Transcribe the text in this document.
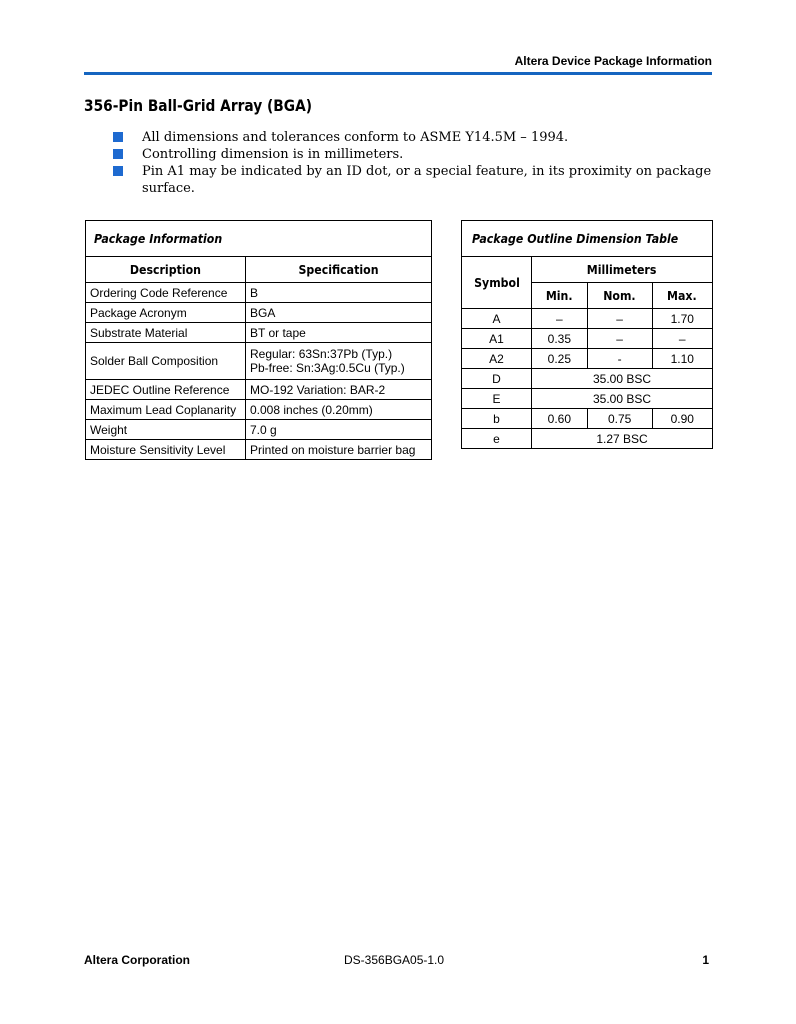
Altera Device Package Information
356-Pin Ball-Grid Array (BGA)
All dimensions and tolerances conform to ASME Y14.5M – 1994.
Controlling dimension is in millimeters.
Pin A1 may be indicated by an ID dot, or a special feature, in its proximity on package surface.
Package Information	
Description	Specification
Ordering Code Reference	B
Package Acronym	BGA
Substrate Material	BT or tape
Solder Ball Composition	Regular: 63Sn:37Pb (Typ.)
Pb-free: Sn:3Ag:0.5Cu (Typ.)

JEDEC Outline Reference	MO-192 Variation: BAR-2
Maximum Lead Coplanarity	0.008 inches (0.20mm)
Weight	7.0 g
Moisture Sensitivity Level	Printed on moisture barrier bag
Package Outline Dimension Table			
Symbol	Millimeters		
	Min.	Nom.	Max.
A	–	–	1.70
A1	0.35	–	–
A2	0.25	-	1.10
D	35.00 BSC		
E	35.00 BSC		
b	0.60	0.75	0.90
e	1.27 BSC		
Altera Corporation	DS-356BGA05-1.0	1
